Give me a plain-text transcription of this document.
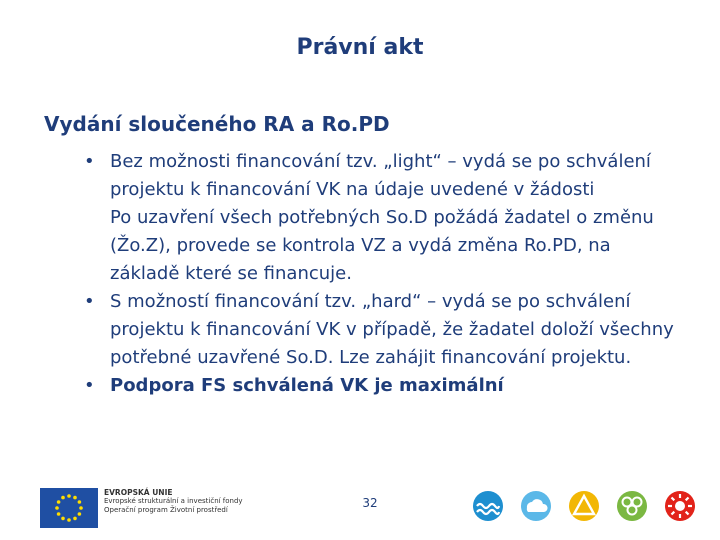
Právní akt
Vydání sloučeného RA a Ro.PD
• Bez možnosti financování tzv. „light“ – vydá se po schválení projektu k financování VK na údaje uvedené v žádosti
Po uzavření všech potřebných So.D požádá žadatel o změnu (Žo.Z), provede se kontrola VZ a vydá změna Ro.PD, na základě které se financuje.
• S možností financování tzv. „hard“ – vydá se po schválení projektu k financování VK v případě, že žadatel doloží všechny potřebné uzavřené So.D. Lze zahájit financování projektu.
• Podpora FS schválená VK je maximální
EVROPSKÁ UNIE
Evropské strukturální a investiční fondy
Operační program Životní prostředí	32
